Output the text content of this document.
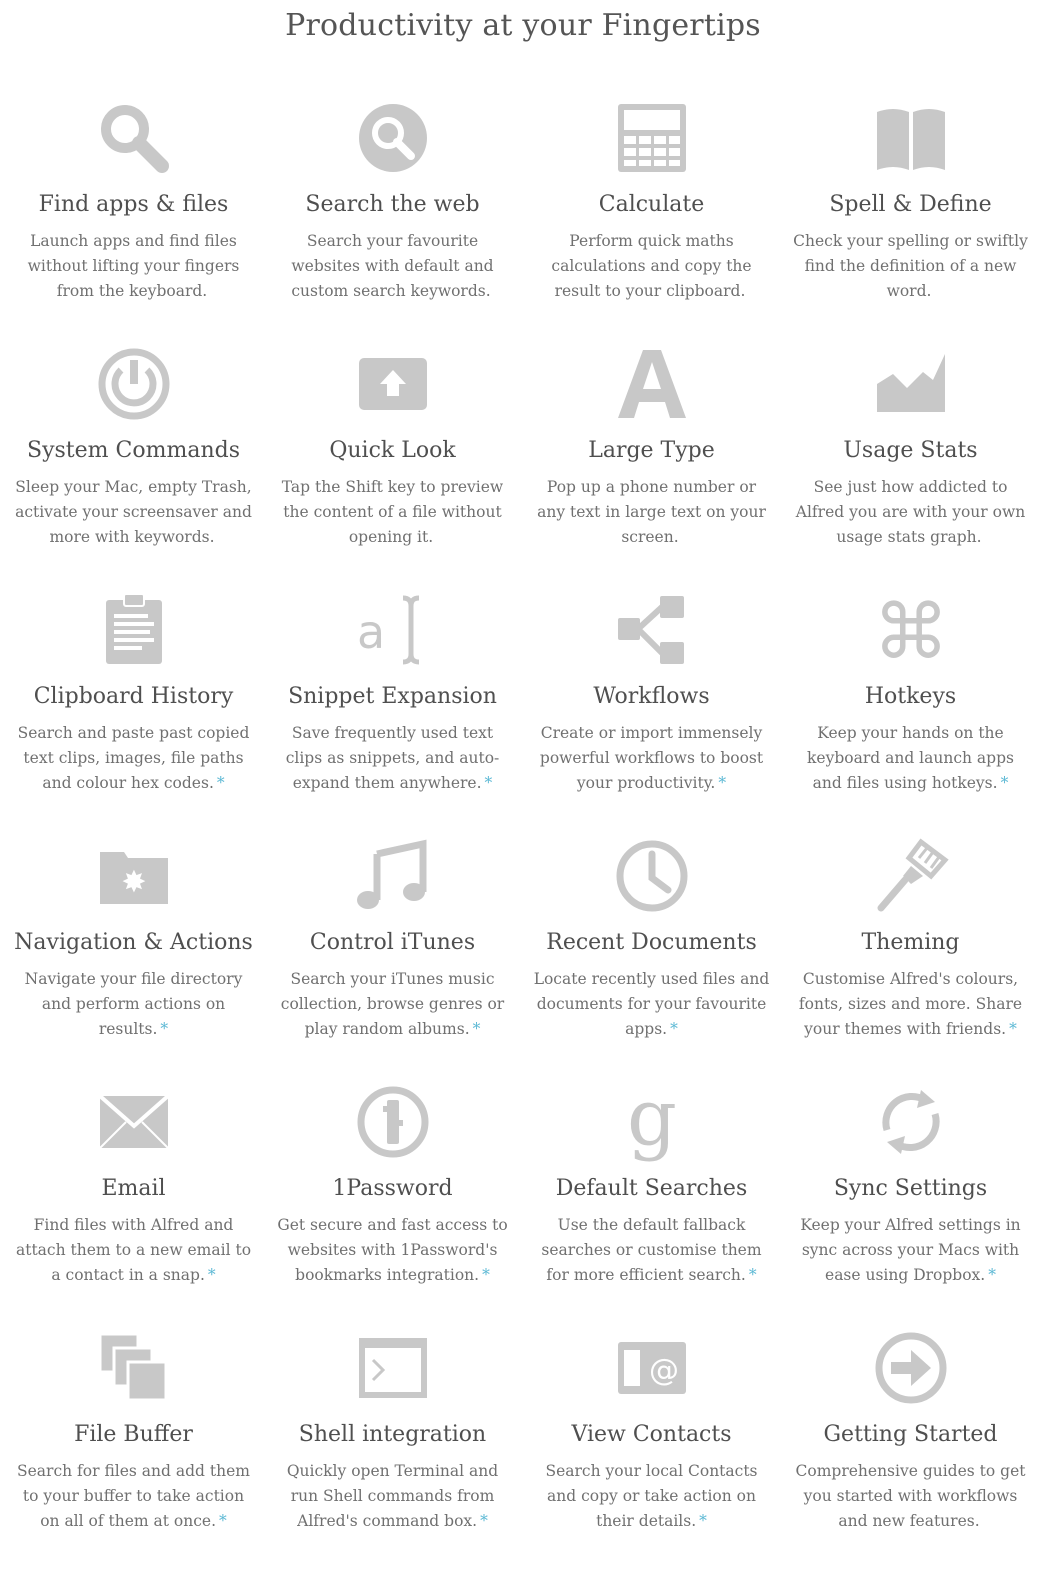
Productivity at your Fingertips
Find apps & files
Launch apps and find files without lifting your fingers from the keyboard.
Search the web
Search your favourite websites with default and custom search keywords.
Calculate
Perform quick maths calculations and copy the result to your clipboard.
Spell & Define
Check your spelling or swiftly find the definition of a new word.
System Commands
Sleep your Mac, empty Trash, activate your screensaver and more with keywords.
Quick Look
Tap the Shift key to preview the content of a file without opening it.
Large Type
Pop up a phone number or any text in large text on your screen.
Usage Stats
See just how addicted to Alfred you are with your own usage stats graph.
Clipboard History
Search and paste past copied text clips, images, file paths and colour hex codes. *
a
Snippet Expansion
Save frequently used text clips as snippets, and auto-expand them anywhere. *
Workflows
Create or import immensely powerful workflows to boost your productivity. *
⌘
Hotkeys
Keep your hands on the keyboard and launch apps and files using hotkeys. *
✸
Navigation & Actions
Navigate your file directory and perform actions on results. *
Control iTunes
Search your iTunes music collection, browse genres or play random albums. *
Recent Documents
Locate recently used files and documents for your favourite apps. *
Theming
Customise Alfred's colours, fonts, sizes and more. Share your themes with friends. *
Email
Find files with Alfred and attach them to a new email to a contact in a snap. *
1Password
Get secure and fast access to websites with 1Password's bookmarks integration. *
g
Default Searches
Use the default fallback searches or customise them for more efficient search. *
Sync Settings
Keep your Alfred settings in sync across your Macs with ease using Dropbox. *
File Buffer
Search for files and add them to your buffer to take action on all of them at once. *
Shell integration
Quickly open Terminal and run Shell commands from Alfred's command box. *
@
View Contacts
Search your local Contacts and copy or take action on their details. *
Getting Started
Comprehensive guides to get you started with workflows and new features.
